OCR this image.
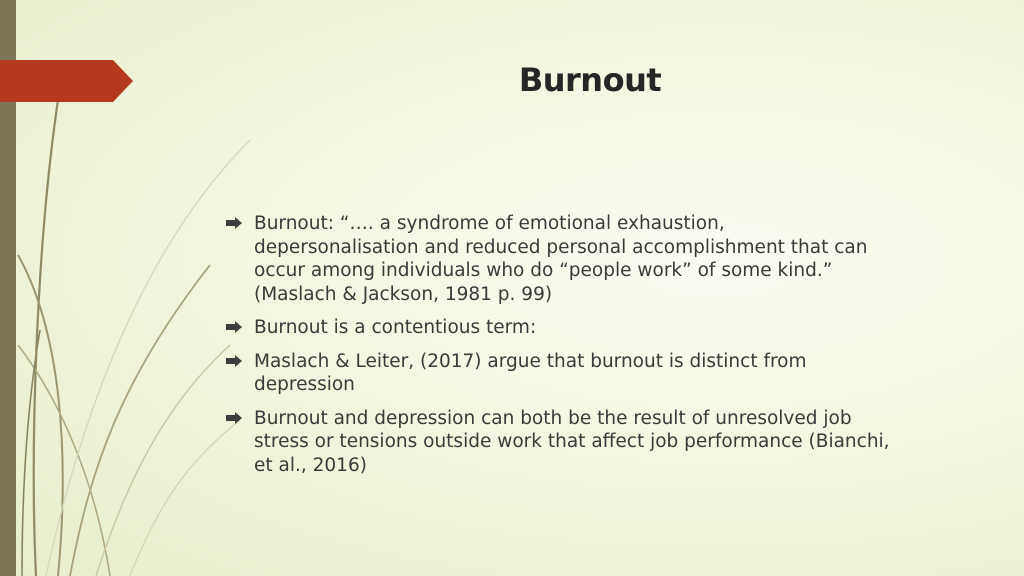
Burnout
Burnout: “…. a syndrome of emotional exhaustion,
depersonalisation and reduced personal accomplishment that can
occur among individuals who do “people work” of some kind.”
(Maslach & Jackson, 1981 p. 99)
Burnout is a contentious term:
Maslach & Leiter, (2017) argue that burnout is distinct from
depression
Burnout and depression can both be the result of unresolved job
stress or tensions outside work that affect job performance (Bianchi,
et al., 2016)
